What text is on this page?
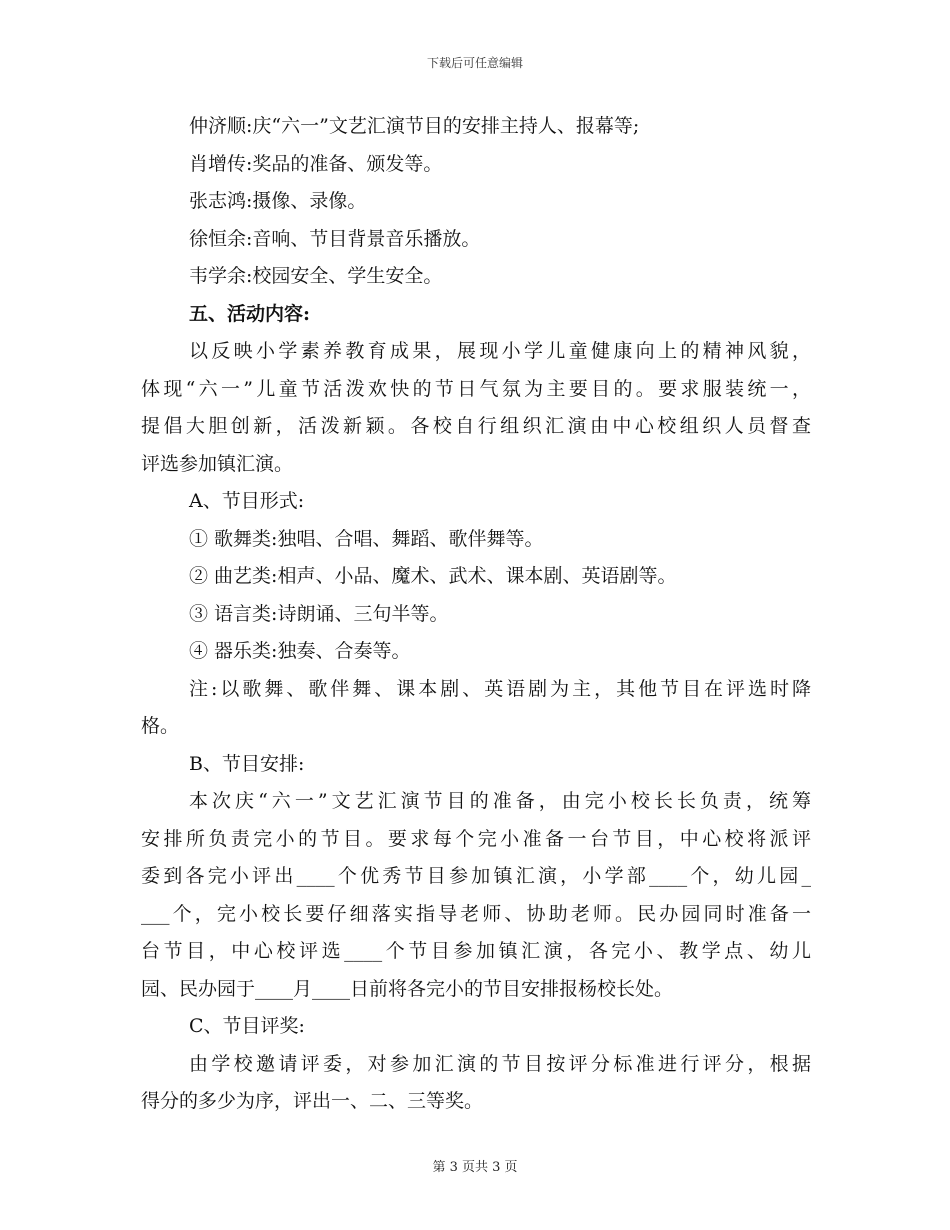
下载后可任意编辑
仲济顺:庆“六一”文艺汇演节目的安排主持人、报幕等;
肖增传:奖品的准备、颁发等。
张志鸿:摄像、录像。
徐恒余:音响、节目背景音乐播放。
韦学余:校园安全、学生安全。
五、活动内容:
以反映小学素养教育成果，展现小学儿童健康向上的精神风貌，
体现“六一”儿童节活泼欢快的节日气氛为主要目的。要求服装统一，
提倡大胆创新，活泼新颖。各校自行组织汇演由中心校组织人员督查
评选参加镇汇演。
A、节目形式:
① 歌舞类:独唱、合唱、舞蹈、歌伴舞等。
② 曲艺类:相声、小品、魔术、武术、课本剧、英语剧等。
③ 语言类:诗朗诵、三句半等。
④ 器乐类:独奏、合奏等。
注:以歌舞、歌伴舞、课本剧、英语剧为主，其他节目在评选时降
格。
B、节目安排:
本次庆“六一”文艺汇演节目的准备，由完小校长长负责，统筹
安排所负责完小的节目。要求每个完小准备一台节目，中心校将派评
委到各完小评出____个优秀节目参加镇汇演，小学部____个，幼儿园_
___个，完小校长要仔细落实指导老师、协助老师。民办园同时准备一
台节目，中心校评选____个节目参加镇汇演，各完小、教学点、幼儿
园、民办园于____月____日前将各完小的节目安排报杨校长处。
C、节目评奖:
由学校邀请评委，对参加汇演的节目按评分标准进行评分，根据
得分的多少为序，评出一、二、三等奖。
第 3 页共 3 页
